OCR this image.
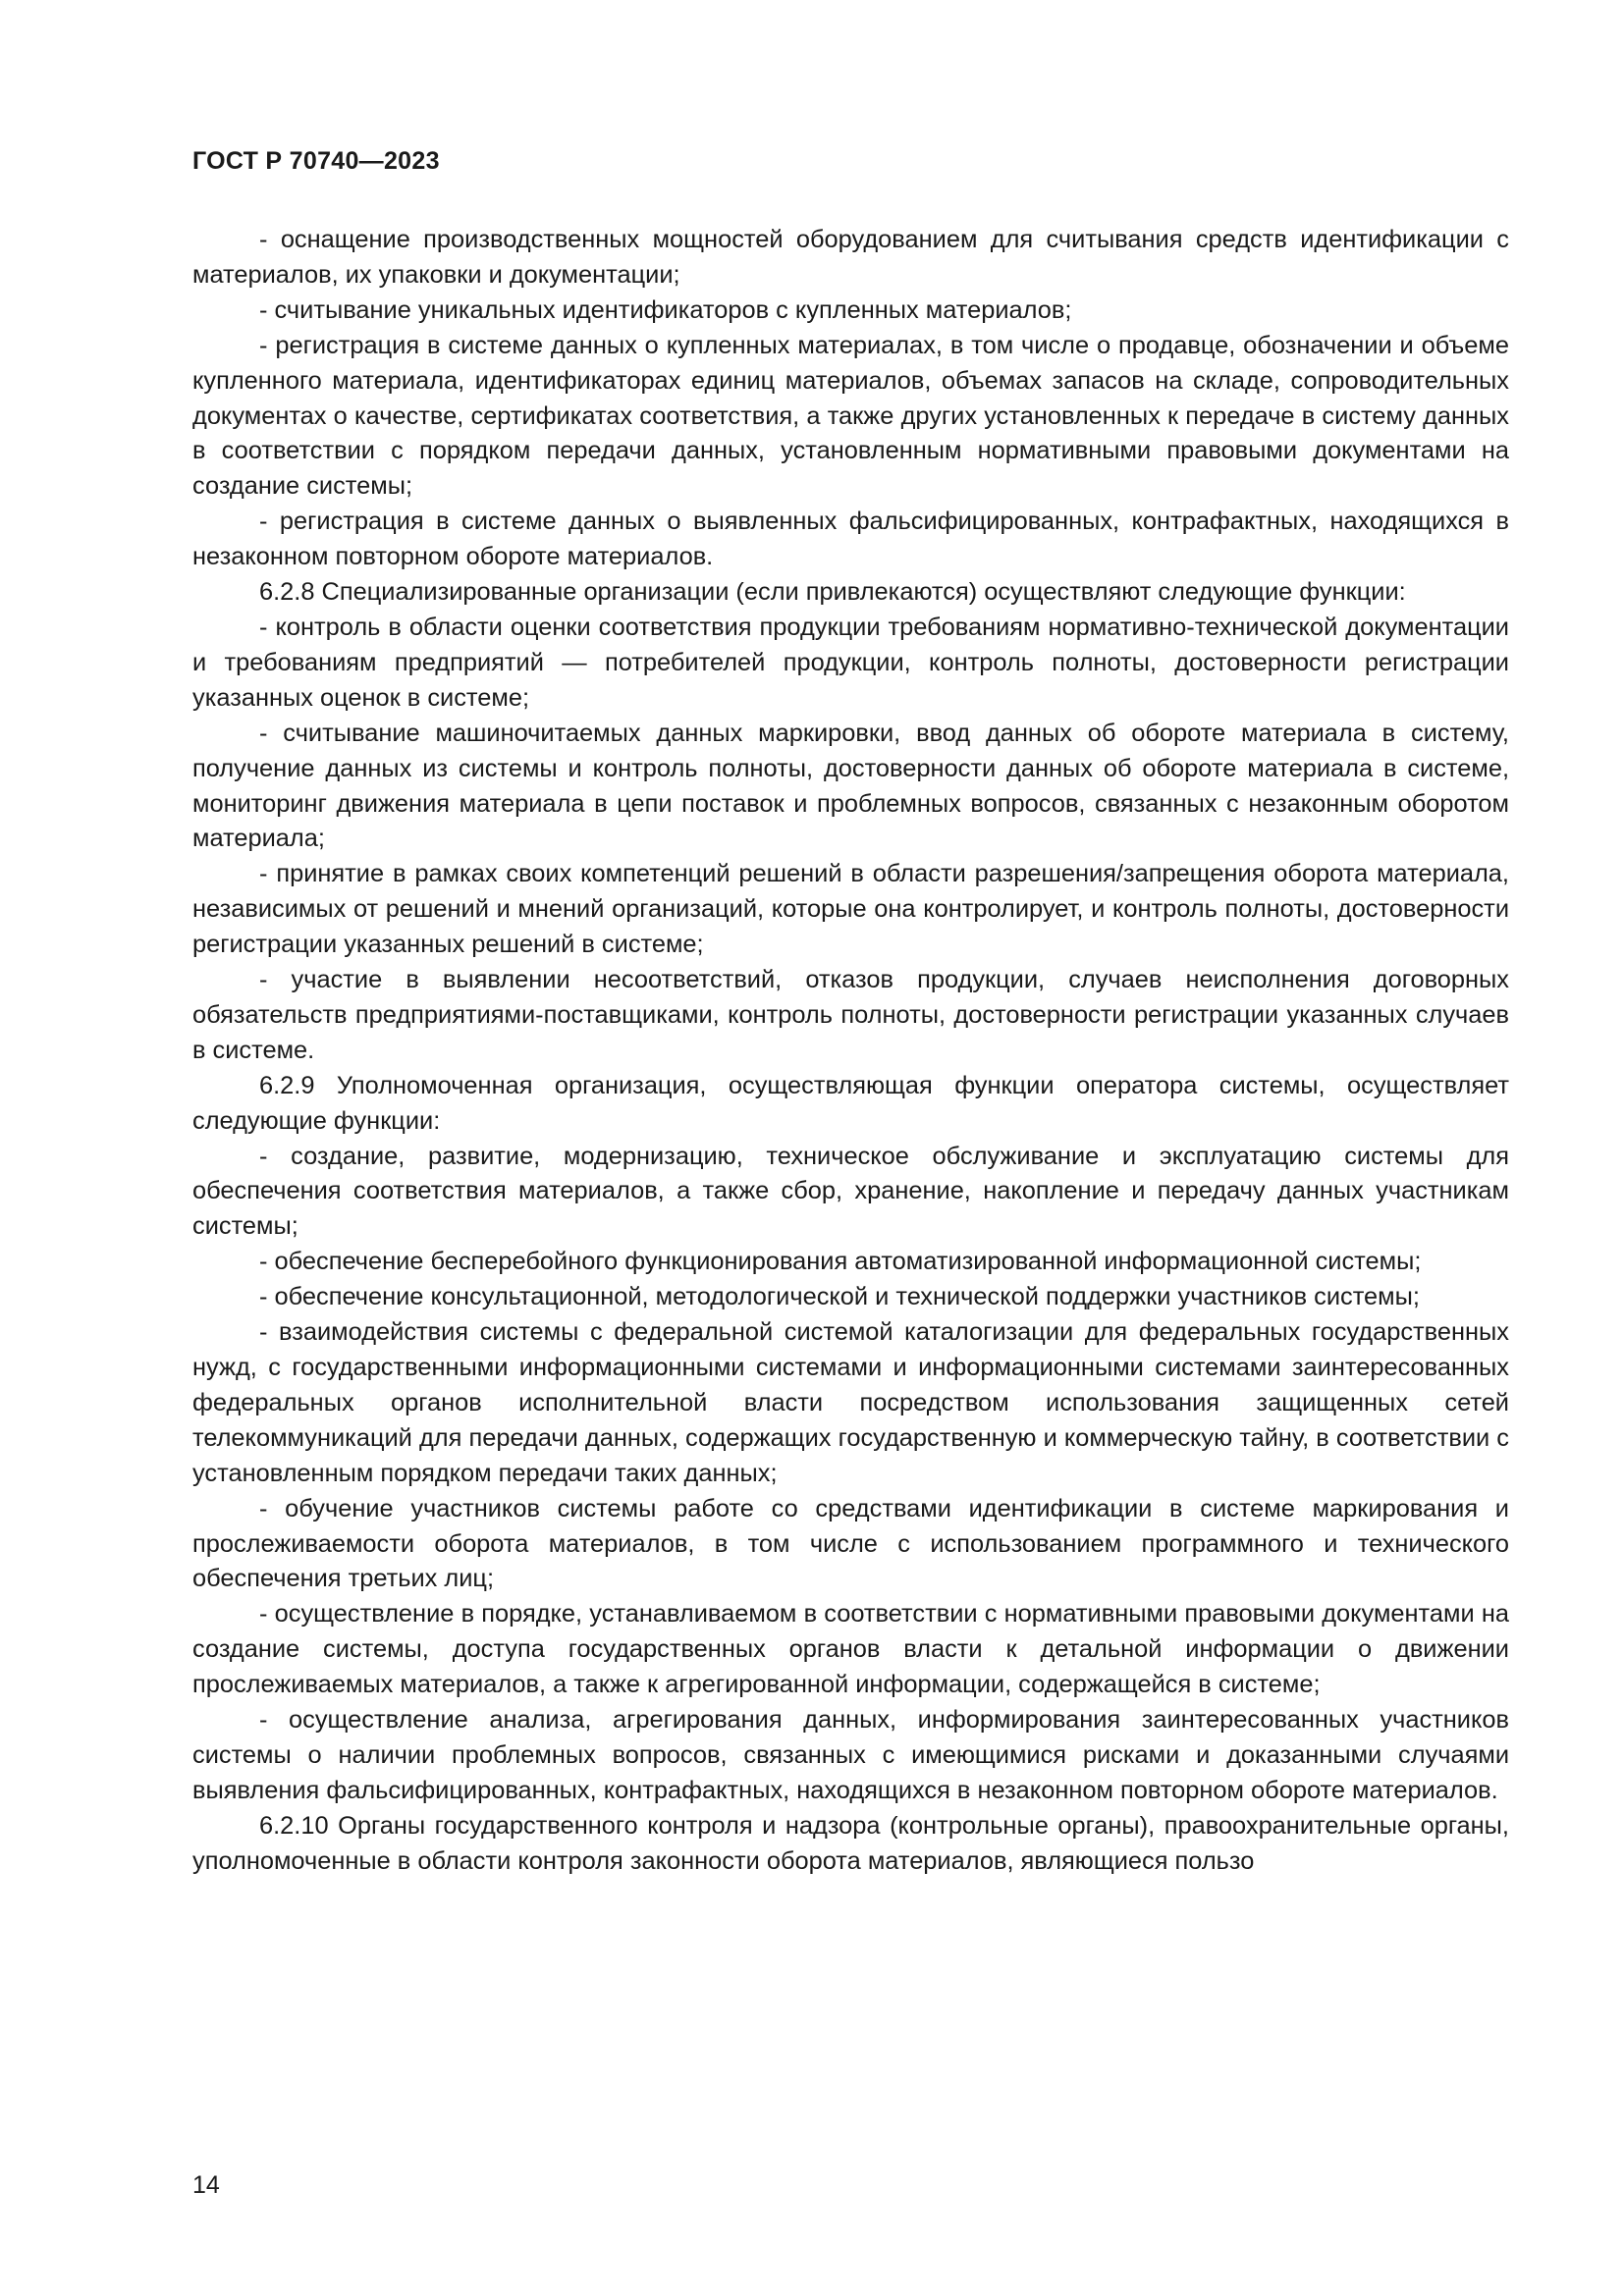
ГОСТ Р 70740—2023

- оснащение производственных мощностей оборудованием для считывания средств идентификации с материалов, их упаковки и документации;

- считывание уникальных идентификаторов с купленных материалов;

- регистрация в системе данных о купленных материалах, в том числе о продавце, обозначении и объеме купленного материала, идентификаторах единиц материалов, объемах запасов на складе, сопроводительных документах о качестве, сертификатах соответствия, а также других установленных к передаче в систему данных в соответствии с порядком передачи данных, установленным нормативными правовыми документами на создание системы;

- регистрация в системе данных о выявленных фальсифицированных, контрафактных, находящихся в незаконном повторном обороте материалов.

6.2.8 Специализированные организации (если привлекаются) осуществляют следующие функции:

- контроль в области оценки соответствия продукции требованиям нормативно-технической документации и требованиям предприятий — потребителей продукции, контроль полноты, достоверности регистрации указанных оценок в системе;

- считывание машиночитаемых данных маркировки, ввод данных об обороте материала в систему, получение данных из системы и контроль полноты, достоверности данных об обороте материала в системе, мониторинг движения материала в цепи поставок и проблемных вопросов, связанных с незаконным оборотом материала;

- принятие в рамках своих компетенций решений в области разрешения/запрещения оборота материала, независимых от решений и мнений организаций, которые она контролирует, и контроль полноты, достоверности регистрации указанных решений в системе;

- участие в выявлении несоответствий, отказов продукции, случаев неисполнения договорных обязательств предприятиями-поставщиками, контроль полноты, достоверности регистрации указанных случаев в системе.

6.2.9 Уполномоченная организация, осуществляющая функции оператора системы, осуществляет следующие функции:

- создание, развитие, модернизацию, техническое обслуживание и эксплуатацию системы для обеспечения соответствия материалов, а также сбор, хранение, накопление и передачу данных участникам системы;

- обеспечение бесперебойного функционирования автоматизированной информационной системы;

- обеспечение консультационной, методологической и технической поддержки участников системы;

- взаимодействия системы с федеральной системой каталогизации для федеральных государственных нужд, с государственными информационными системами и информационными системами заинтересованных федеральных органов исполнительной власти посредством использования защищенных сетей телекоммуникаций для передачи данных, содержащих государственную и коммерческую тайну, в соответствии с установленным порядком передачи таких данных;

- обучение участников системы работе со средствами идентификации в системе маркирования и прослеживаемости оборота материалов, в том числе с использованием программного и технического обеспечения третьих лиц;

- осуществление в порядке, устанавливаемом в соответствии с нормативными правовыми документами на создание системы, доступа государственных органов власти к детальной информации о движении прослеживаемых материалов, а также к агрегированной информации, содержащейся в системе;

- осуществление анализа, агрегирования данных, информирования заинтересованных участников системы о наличии проблемных вопросов, связанных с имеющимися рисками и доказанными случаями выявления фальсифицированных, контрафактных, находящихся в незаконном повторном обороте материалов.

6.2.10 Органы государственного контроля и надзора (контрольные органы), правоохранительные органы, уполномоченные в области контроля законности оборота материалов, являющиеся пользо

14
